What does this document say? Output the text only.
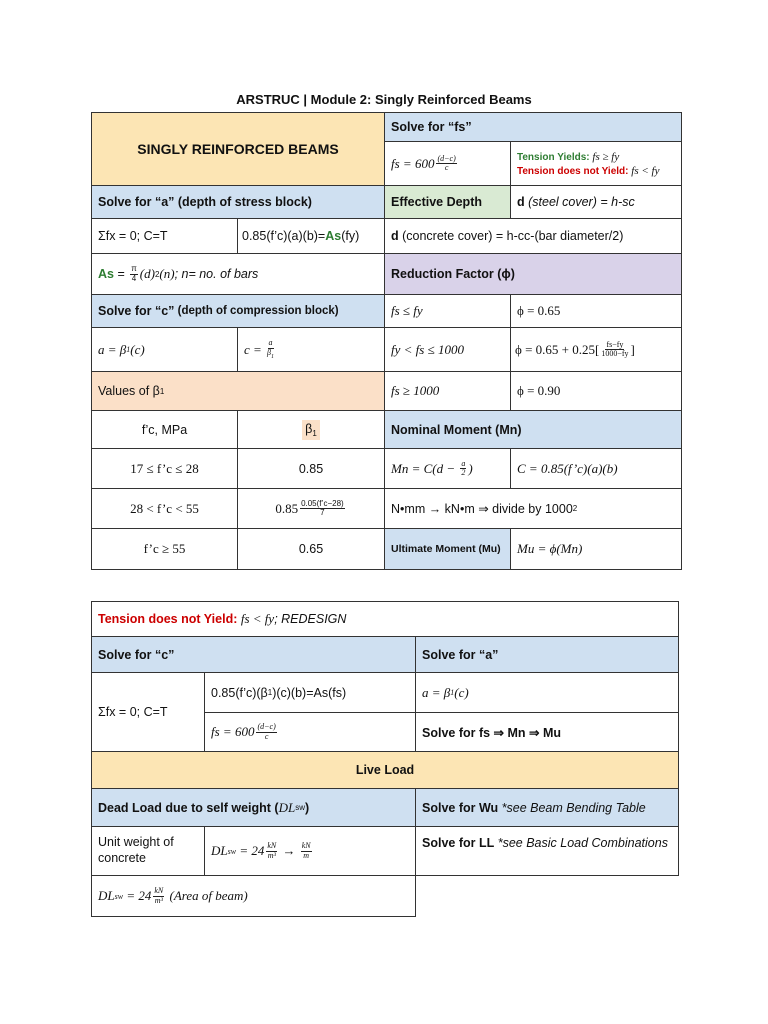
ARSTRUC | Module 2: Singly Reinforced Beams
SINGLY REINFORCED BEAMS
Solve for “fs”
fs = $600 \frac{(d-c)}{c}$	Tension Yields: fs ≥ fy
Tension does not Yield: fs < fy
Solve for “a” (depth of stress block)	Effective Depth	d (steel cover) = h-sc
Σfx = 0; C=T	0.85(f’c)(a)(b)= As (fy)	d (concrete cover) = h-cc-(bar diameter/2)
$As = \frac{\pi}{4} (d)$ 2 (n) ; n= no. of bars	Reduction Factor (ϕ)
Solve for “c” (depth of compression block)	fs ≤ fy	ϕ = 0.65
a = β 1 (c)	$c = \frac{a}{\beta_1}$	fy < fs ≤ 1000	$\phi = 0.65 + 0.25[ \frac{fs-fy}{1000-fy}$ ]
Values of β 1	fs ≥ 1000	ϕ = 0.90
f’c, MPa	$\beta_1$	Nominal Moment (Mn)
17 ≤ f’c ≤ 28	0.85	$Mn = C(d - \frac{a}{2}$ )	C = 0.85(f’c)(a)(b)
28 < f’c < 55	$0.85 \frac{0.05(f’c-28)}{7}$	N•mm → kN•m ⇒ divide by 1000 2
f’c ≥ 55	0.65	Ultimate Moment (Mu)	Mu = ϕ(Mn)
Tension does not Yield:
fs < fy ; REDESIGN
Solve for “c”	Solve for “a”
Σfx = 0; C=T
0.85(f’c)(β 1 )(c)(b)=As(fs)	a = β 1 (c)
fs = $600 \frac{(d-c)}{c}$	Solve for fs ⇒ Mn ⇒ Mu
Live Load
Dead Load due to self weight ( DL sw )	Solve for Wu *see Beam Bending Table
Unit weight of concrete	DL sw = $24 \frac{kN}{\text{m³}} \to \frac{kN}{m}$	Solve for LL *see Basic Load Combinations
DL sw = $24 \frac{kN}{\text{m³}}$ (Area of beam)
